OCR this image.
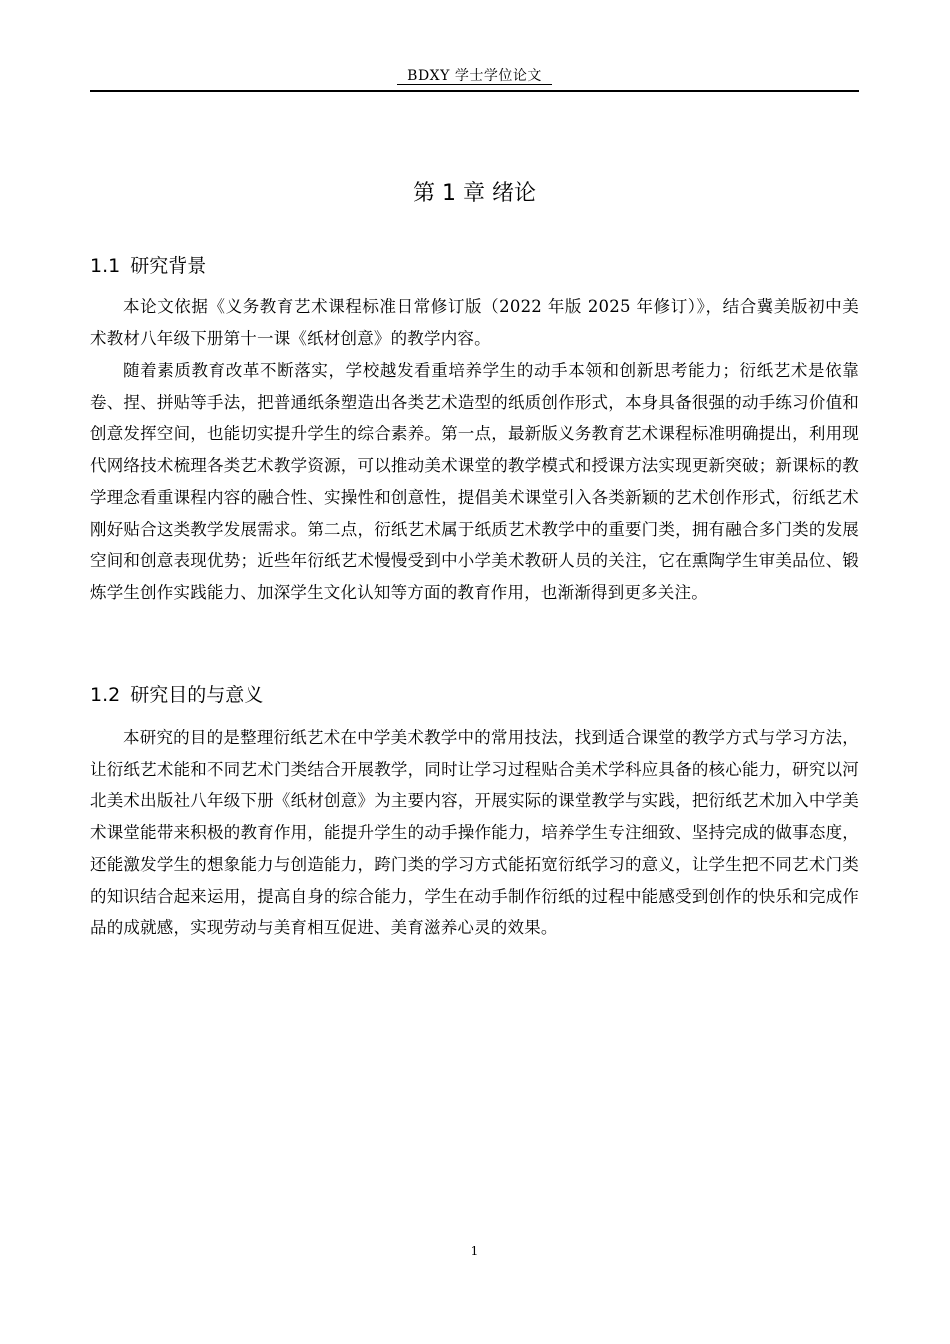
BDXY 学士学位论文
第 1 章 绪论
1.1 研究背景

本论文依据《义务教育艺术课程标准日常修订版（2022 年版 2025 年修订）》，结合冀美版初中美术教材八年级下册第十一课《纸材创意》的教学内容。

随着素质教育改革不断落实，学校越发看重培养学生的动手本领和创新思考能力；衍纸艺术是依靠卷、捏、拼贴等手法，把普通纸条塑造出各类艺术造型的纸质创作形式，本身具备很强的动手练习价值和创意发挥空间，也能切实提升学生的综合素养。第一点，最新版义务教育艺术课程标准明确提出，利用现代网络技术梳理各类艺术教学资源，可以推动美术课堂的教学模式和授课方法实现更新突破；新课标的教学理念看重课程内容的融合性、实操性和创意性，提倡美术课堂引入各类新颖的艺术创作形式，衍纸艺术刚好贴合这类教学发展需求。第二点，衍纸艺术属于纸质艺术教学中的重要门类，拥有融合多门类的发展空间和创意表现优势；近些年衍纸艺术慢慢受到中小学美术教研人员的关注，它在熏陶学生审美品位、锻炼学生创作实践能力、加深学生文化认知等方面的教育作用，也渐渐得到更多关注。

1.2 研究目的与意义

本研究的目的是整理衍纸艺术在中学美术教学中的常用技法，找到适合课堂的教学方式与学习方法，让衍纸艺术能和不同艺术门类结合开展教学，同时让学习过程贴合美术学科应具备的核心能力，研究以河北美术出版社八年级下册《纸材创意》为主要内容，开展实际的课堂教学与实践，把衍纸艺术加入中学美术课堂能带来积极的教育作用，能提升学生的动手操作能力，培养学生专注细致、坚持完成的做事态度，还能激发学生的想象能力与创造能力，跨门类的学习方式能拓宽衍纸学习的意义，让学生把不同艺术门类的知识结合起来运用，提高自身的综合能力，学生在动手制作衍纸的过程中能感受到创作的快乐和完成作品的成就感，实现劳动与美育相互促进、美育滋养心灵的效果。

1
